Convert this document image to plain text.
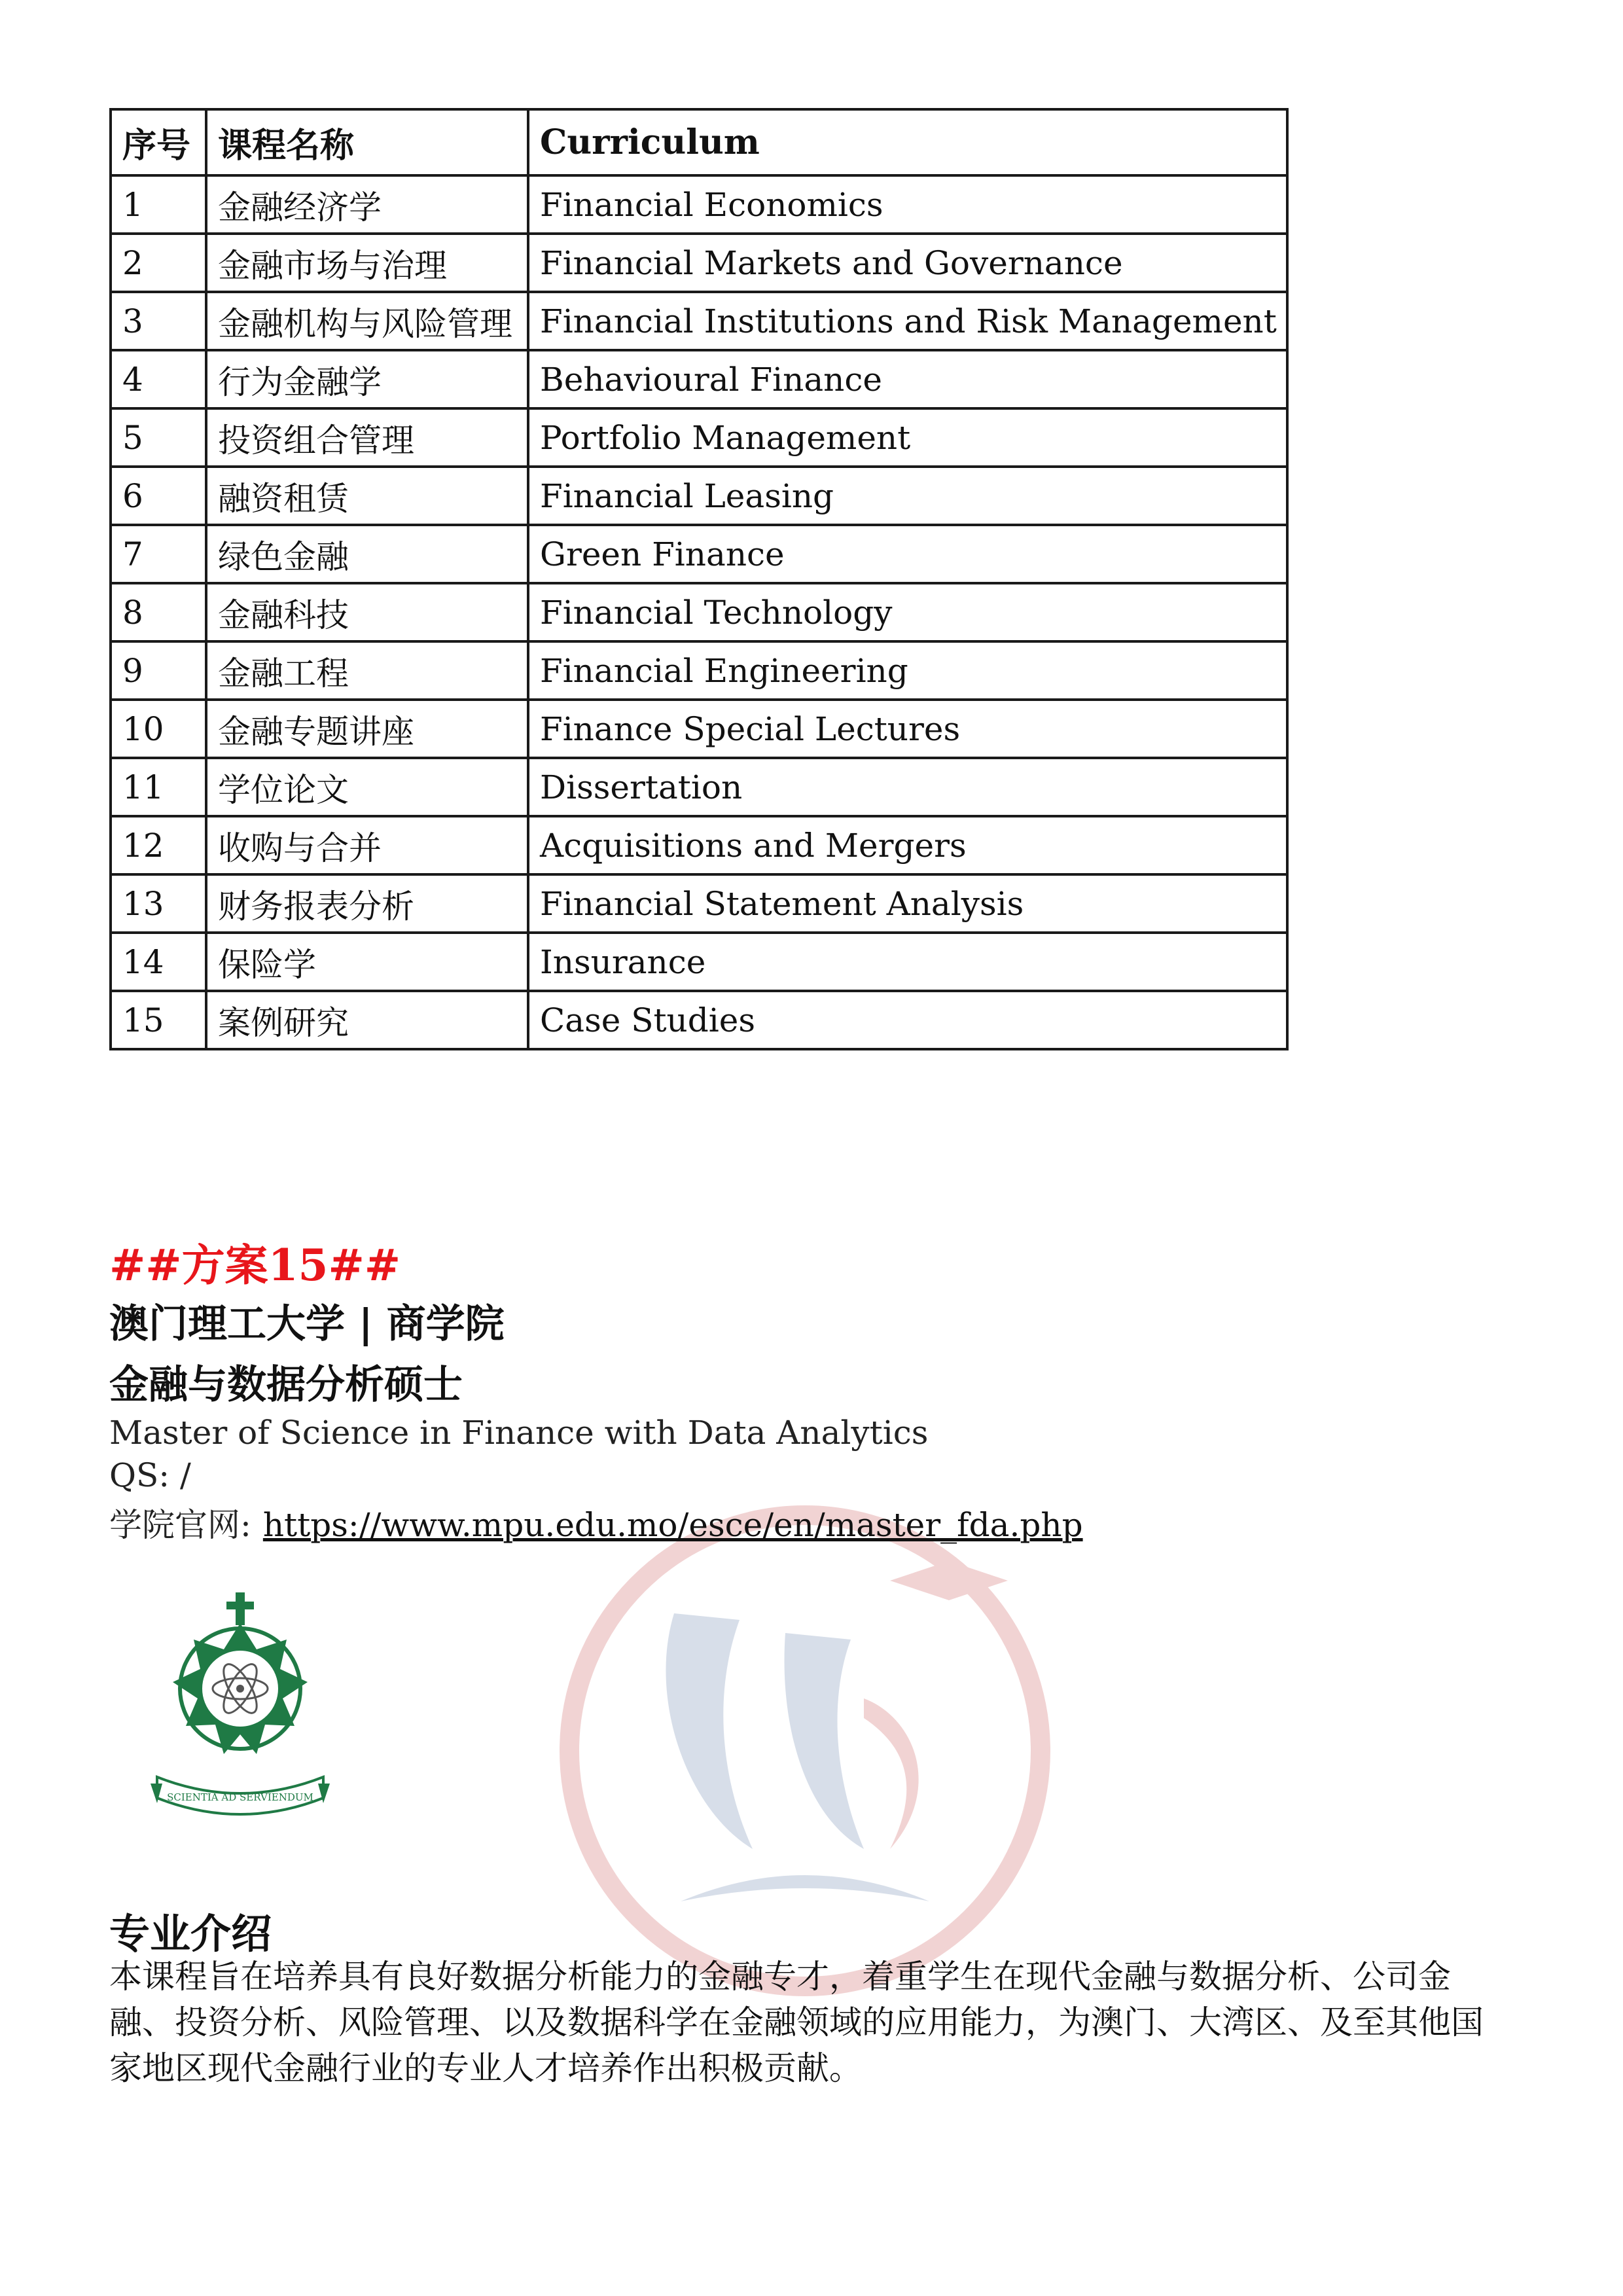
序号	课程名称	Curriculum
1	金融经济学	Financial Economics
2	金融市场与治理	Financial Markets and Governance
3	金融机构与风险管理	Financial Institutions and Risk Management
4	行为金融学	Behavioural Finance
5	投资组合管理	Portfolio Management
6	融资租赁	Financial Leasing
7	绿色金融	Green Finance
8	金融科技	Financial Technology
9	金融工程	Financial Engineering
10	金融专题讲座	Finance Special Lectures
11	学位论文	Dissertation
12	收购与合并	Acquisitions and Mergers
13	财务报表分析	Financial Statement Analysis
14	保险学	Insurance
15	案例研究	Case Studies
##方案15##
澳门理工大学 | 商学院
金融与数据分析硕士
Master of Science in Finance with Data Analytics
QS: /
学院官网: https://www.mpu.edu.mo/esce/en/master_fda.php
SCIENTIA AD SERVIENDUM
专业介绍
本课程旨在培养具有良好数据分析能力的金融专才，着重学生在现代金融与数据分析、公司金融、投资分析、风险管理、以及数据科学在金融领域的应用能力，为澳门、大湾区、及至其他国家地区现代金融行业的专业人才培养作出积极贡献。
